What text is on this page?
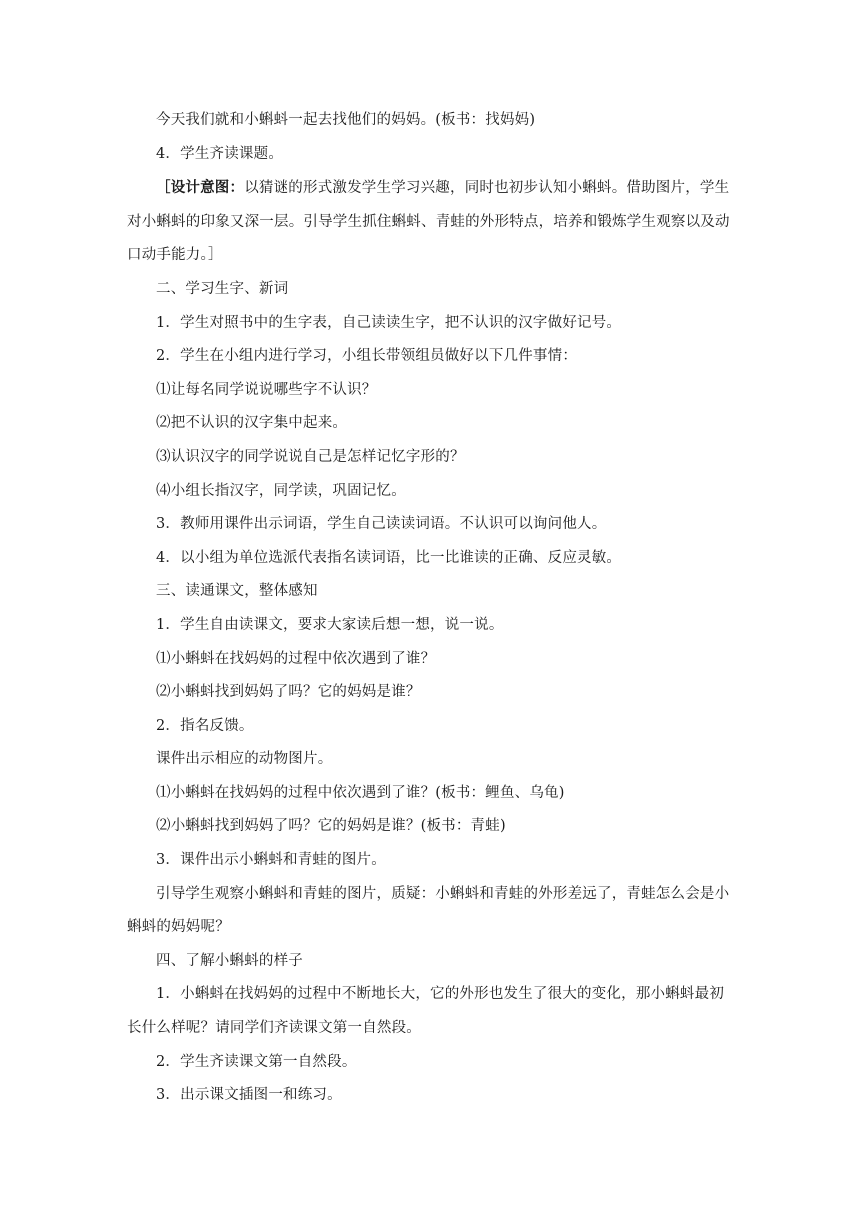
今天我们就和小蝌蚪一起去找他们的妈妈。(板书：找妈妈)

4．学生齐读课题。

［设计意图：以猜谜的形式激发学生学习兴趣，同时也初步认知小蝌蚪。借助图片，学生对小蝌蚪的印象又深一层。引导学生抓住蝌蚪、青蛙的外形特点，培养和锻炼学生观察以及动口动手能力。］

二、学习生字、新词

1．学生对照书中的生字表，自己读读生字，把不认识的汉字做好记号。

2．学生在小组内进行学习，小组长带领组员做好以下几件事情：

⑴让每名同学说说哪些字不认识？

⑵把不认识的汉字集中起来。

⑶认识汉字的同学说说自己是怎样记忆字形的？

⑷小组长指汉字，同学读，巩固记忆。

3．教师用课件出示词语，学生自己读读词语。不认识可以询问他人。

4．以小组为单位选派代表指名读词语，比一比谁读的正确、反应灵敏。

三、读通课文，整体感知

1．学生自由读课文，要求大家读后想一想，说一说。

⑴小蝌蚪在找妈妈的过程中依次遇到了谁？

⑵小蝌蚪找到妈妈了吗？它的妈妈是谁？

2．指名反馈。

课件出示相应的动物图片。

⑴小蝌蚪在找妈妈的过程中依次遇到了谁？(板书：鲤鱼、乌龟)

⑵小蝌蚪找到妈妈了吗？它的妈妈是谁？(板书：青蛙)

3．课件出示小蝌蚪和青蛙的图片。

引导学生观察小蝌蚪和青蛙的图片，质疑：小蝌蚪和青蛙的外形差远了，青蛙怎么会是小蝌蚪的妈妈呢？

四、了解小蝌蚪的样子

1．小蝌蚪在找妈妈的过程中不断地长大，它的外形也发生了很大的变化，那小蝌蚪最初长什么样呢？请同学们齐读课文第一自然段。

2．学生齐读课文第一自然段。

3．出示课文插图一和练习。
